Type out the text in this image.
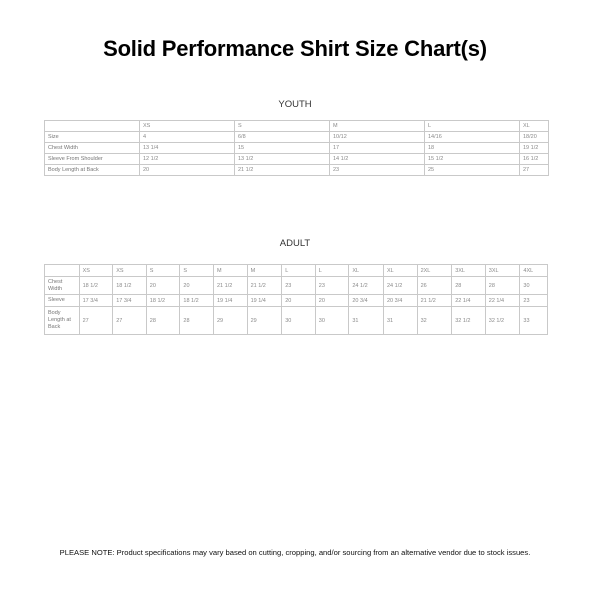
Solid Performance Shirt Size Chart(s)
YOUTH
	XS	S	M	L	XL
Size	4	6/8	10/12	14/16	18/20
Chest Width	13 1/4	15	17	18	19 1/2
Sleeve From Shoulder	12 1/2	13 1/2	14 1/2	15 1/2	16 1/2
Body Length at Back	20	21 1/2	23	25	27
ADULT
	XS	XS	S	S	M	M	L	L	XL	XL	2XL	3XL	3XL	4XL
Chest Width	18 1/2	18 1/2	20	20	21 1/2	21 1/2	23	23	24 1/2	24 1/2	26	28	28	30
Sleeve	17 3/4	17 3/4	18 1/2	18 1/2	19 1/4	19 1/4	20	20	20 3/4	20 3/4	21 1/2	22 1/4	22 1/4	23
Body Length at Back	27	27	28	28	29	29	30	30	31	31	32	32 1/2	32 1/2	33
PLEASE NOTE: Product specifications may vary based on cutting, cropping, and/or sourcing from an alternative vendor due to stock issues.
